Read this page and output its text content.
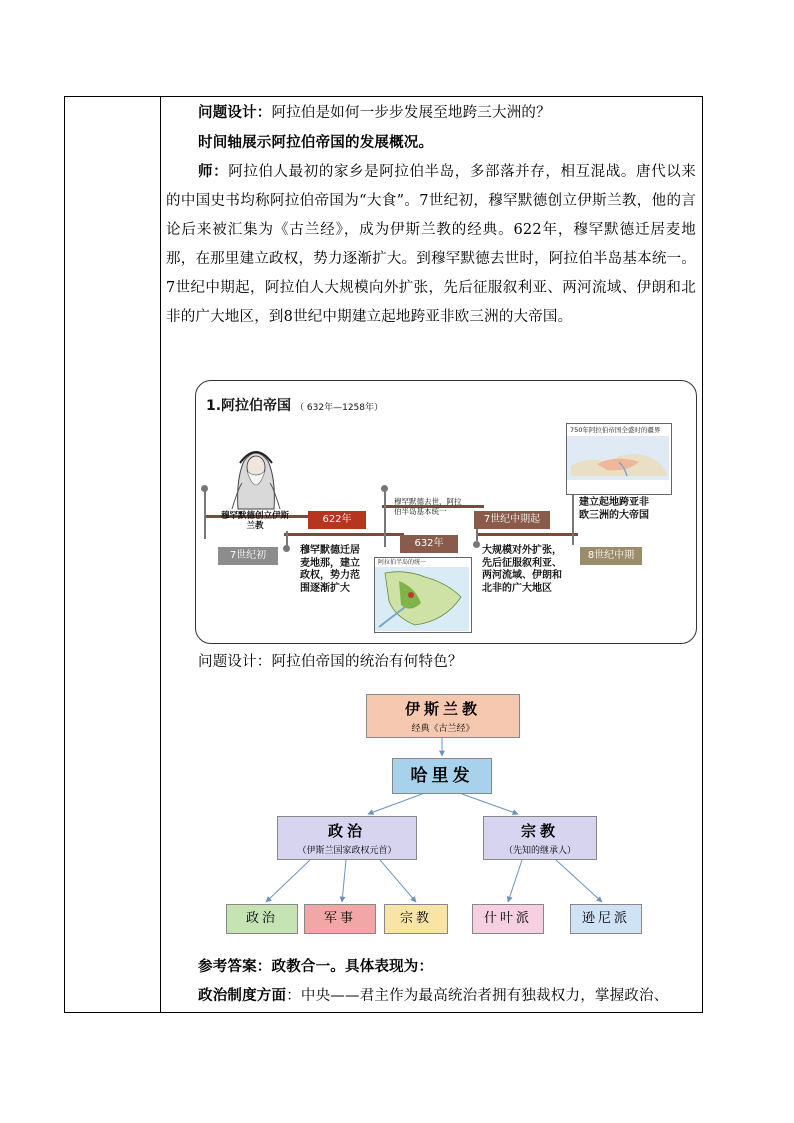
问题设计：阿拉伯是如何一步步发展至地跨三大洲的？

时间轴展示阿拉伯帝国的发展概况。

师：阿拉伯人最初的家乡是阿拉伯半岛，多部落并存，相互混战。唐代以来的中国史书均称阿拉伯帝国为“大食”。7世纪初，穆罕默德创立伊斯兰教，他的言论后来被汇集为《古兰经》，成为伊斯兰教的经典。622年，穆罕默德迁居麦地那，在那里建立政权，势力逐渐扩大。到穆罕默德去世时，阿拉伯半岛基本统一。7世纪中期起，阿拉伯人大规模向外扩张，先后征服叙利亚、两河流域、伊朗和北非的广大地区，到8世纪中期建立起地跨亚非欧三洲的大帝国。

1.阿拉伯帝国 （ 632年—1258年）
7世纪初
622年
632年
7世纪中期起
8世纪中期
穆罕默德创立伊斯兰教
穆罕默德迁居麦地那，建立政权，势力范围逐渐扩大
穆罕默德去世，阿拉伯半岛基本统一
大规模对外扩张，先后征服叙利亚、两河流域、伊朗和北非的广大地区
建立起地跨亚非欧三洲的大帝国
750年阿拉伯帝国全盛时的疆界
阿拉伯半岛的统一

问题设计：阿拉伯帝国的统治有何特色？

伊斯兰教
经典《古兰经》
哈里发
政治
（伊斯兰国家政权元首）
宗教
（先知的继承人）
政治	军事	宗教	什叶派	逊尼派

参考答案：政教合一。具体表现为：

政治制度方面：中央——君主作为最高统治者拥有独裁权力，掌握政治、
